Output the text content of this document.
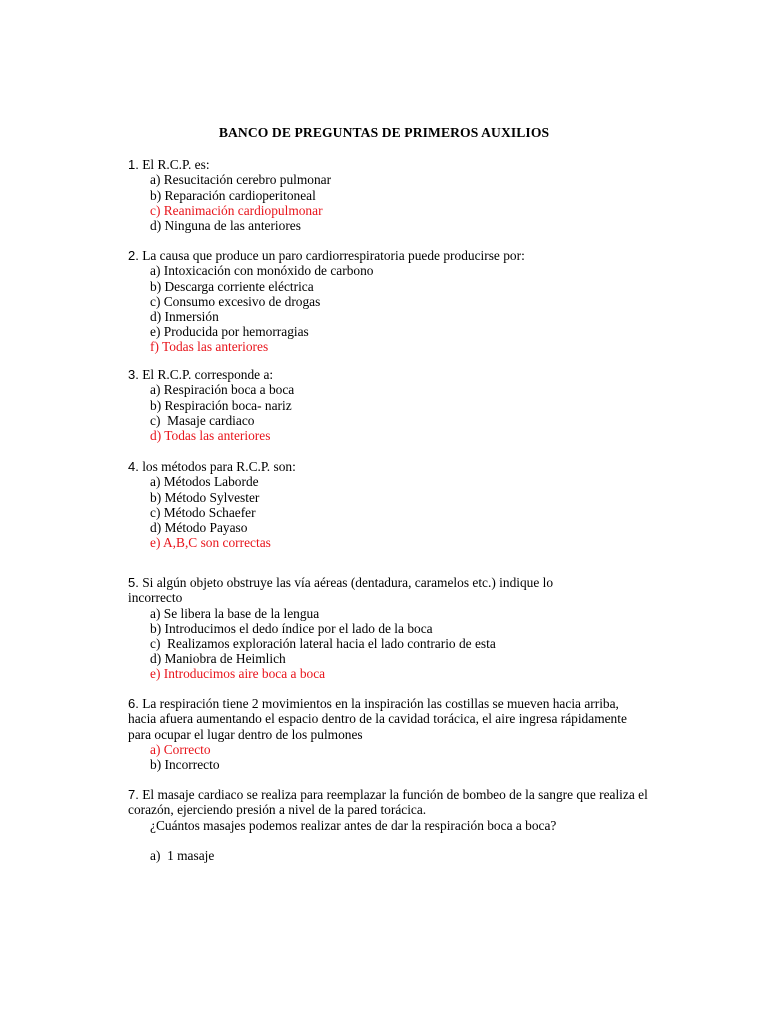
BANCO DE PREGUNTAS DE PRIMEROS AUXILIOS
1. El R.C.P. es:
a) Resucitación cerebro pulmonar
b) Reparación cardioperitoneal
c) Reanimación cardiopulmonar
d) Ninguna de las anteriores
2. La causa que produce un paro cardiorrespiratoria puede producirse por:
a) Intoxicación con monóxido de carbono
b) Descarga corriente eléctrica
c) Consumo excesivo de drogas
d) Inmersión
e) Producida por hemorragias
f) Todas las anteriores
3. El R.C.P. corresponde a:
a) Respiración boca a boca
b) Respiración boca- nariz
c)  Masaje cardiaco
d) Todas las anteriores
4. los métodos para R.C.P. son:
a) Métodos Laborde
b) Método Sylvester
c) Método Schaefer
d) Método Payaso
e) A,B,C son correctas
5. Si algún objeto obstruye las vía aéreas (dentadura, caramelos etc.) indique lo incorrecto
a) Se libera la base de la lengua
b) Introducimos el dedo índice por el lado de la boca
c)  Realizamos exploración lateral hacia el lado contrario de esta
d) Maniobra de Heimlich
e) Introducimos aire boca a boca
6. La respiración tiene 2 movimientos en la inspiración las costillas se mueven hacia arriba, hacia afuera aumentando el espacio dentro de la cavidad torácica, el aire ingresa rápidamente para ocupar el lugar dentro de los pulmones
a) Correcto
b) Incorrecto
7. El masaje cardiaco se realiza para reemplazar la función de bombeo de la sangre que realiza el corazón, ejerciendo presión a nivel de la pared torácica.
¿Cuántos masajes podemos realizar antes de dar la respiración boca a boca?
a)  1 masaje
